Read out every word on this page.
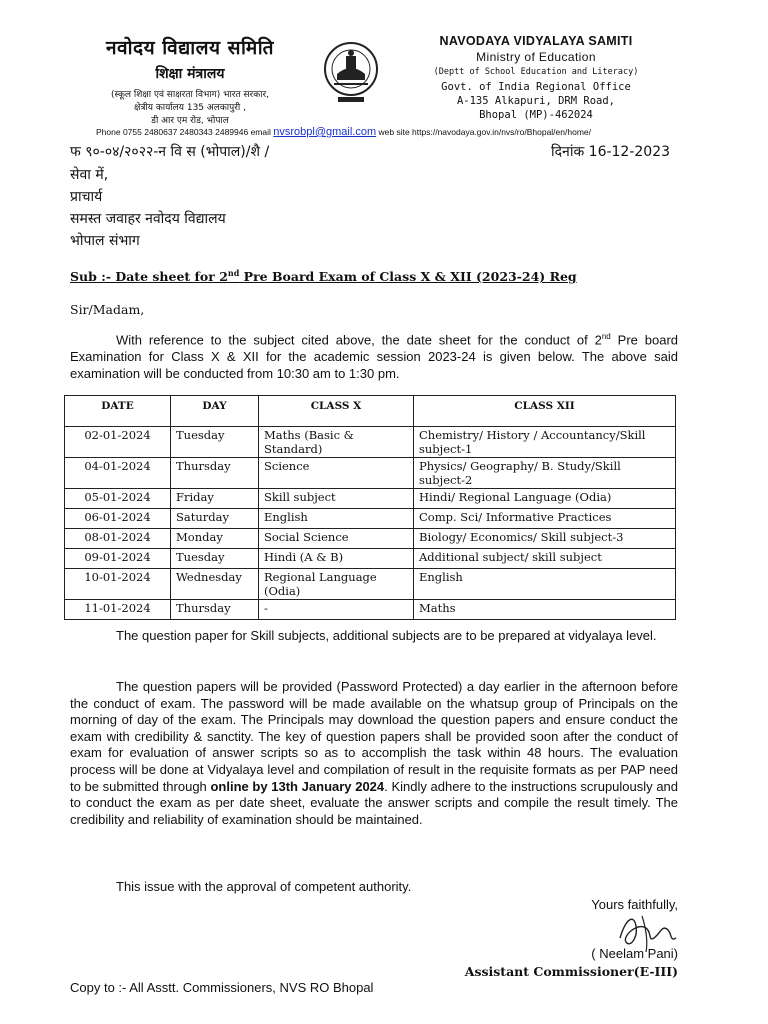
नवोदय विद्यालय समिति
शिक्षा मंत्रालय
(स्कूल शिक्षा एवं साक्षरता विभाग) भारत सरकार,
क्षेत्रीय कार्यालय 135 अलकापुरी ,
डी आर एम रोड, भोपाल
NAVODAYA VIDYALAYA SAMITI
Ministry of Education
(Deptt of School Education and Literacy)
Govt. of India Regional Office
A-135 Alkapuri, DRM Road,
Bhopal (MP)-462024
Phone 0755 2480637 2480343 2489946 email nvsrobpl@gmail.com web site https://navodaya.gov.in/nvs/ro/Bhopal/en/home/
फ ९०-०४/२०२२-न वि स (भोपाल)/शै /	दिनांक 16-12-2023
सेवा में,
प्राचार्य
समस्त जवाहर नवोदय विद्यालय
भोपाल संभाग
Sub :- Date sheet for 2nd Pre Board Exam of Class X & XII (2023-24) Reg
Sir/Madam,
With reference to the subject cited above, the date sheet for the conduct of 2nd Pre board Examination for Class X & XII for the academic session 2023-24 is given below. The above said examination will be conducted from 10:30 am to 1:30 pm.
DATE	DAY	CLASS X	CLASS XII
02-01-2024	Tuesday	Maths (Basic & Standard)	Chemistry/ History / Accountancy/Skill subject-1
04-01-2024	Thursday	Science	Physics/ Geography/ B. Study/Skill subject-2
05-01-2024	Friday	Skill subject	Hindi/ Regional Language (Odia)
06-01-2024	Saturday	English	Comp. Sci/ Informative Practices
08-01-2024	Monday	Social Science	Biology/ Economics/ Skill subject-3
09-01-2024	Tuesday	Hindi (A & B)	Additional subject/ skill subject
10-01-2024	Wednesday	Regional Language (Odia)	English
11-01-2024	Thursday	-	Maths
The question paper for Skill subjects, additional subjects are to be prepared at vidyalaya level.
The question papers will be provided (Password Protected) a day earlier in the afternoon before the conduct of exam. The password will be made available on the whatsup group of Principals on the morning of day of the exam. The Principals may download the question papers and ensure conduct the exam with credibility & sanctity. The key of question papers shall be provided soon after the conduct of exam for evaluation of answer scripts so as to accomplish the task within 48 hours. The evaluation process will be done at Vidyalaya level and compilation of result in the requisite formats as per PAP need to be submitted through online by 13th January 2024. Kindly adhere to the instructions scrupulously and to conduct the exam as per date sheet, evaluate the answer scripts and compile the result timely. The credibility and reliability of examination should be maintained.
This issue with the approval of competent authority.
Yours faithfully,
( Neelam Pani)
Assistant Commissioner(E-III)
Copy to :- All Asstt. Commissioners, NVS RO Bhopal
